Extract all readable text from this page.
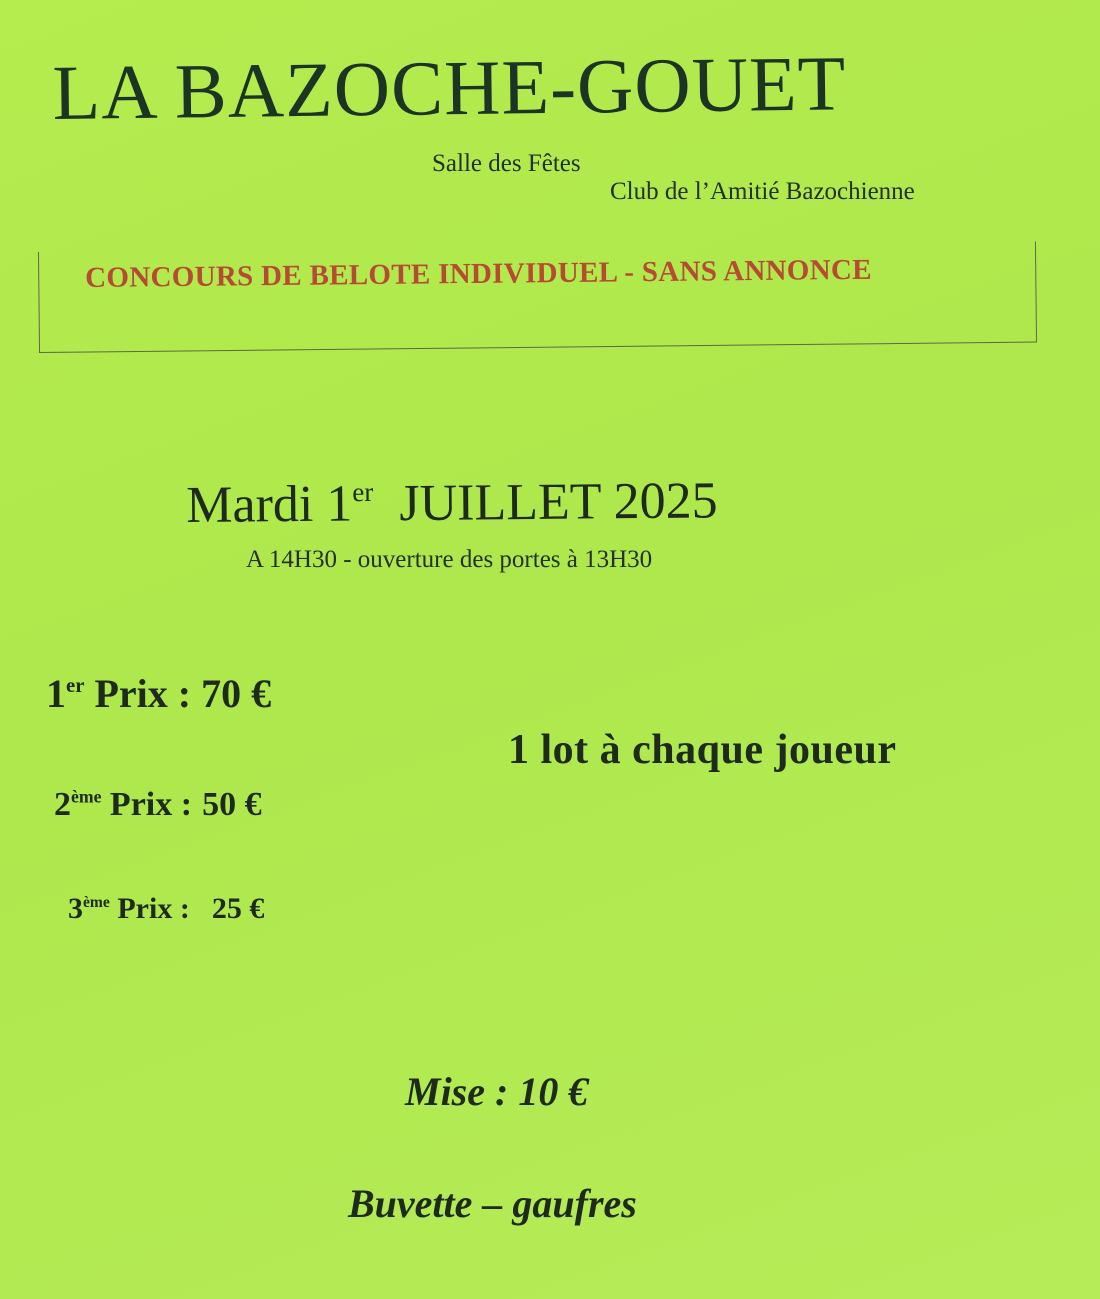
LA BAZOCHE-GOUET
Salle des Fêtes
Club de l’Amitié Bazochienne
CONCOURS DE BELOTE INDIVIDUEL - SANS ANNONCE
Mardi 1er JUILLET 2025
A 14H30 - ouverture des portes à 13H30
1er Prix : 70 €
2ème Prix : 50 €
3ème Prix : 25 €
1 lot à chaque joueur
Mise : 10 €
Buvette – gaufres
